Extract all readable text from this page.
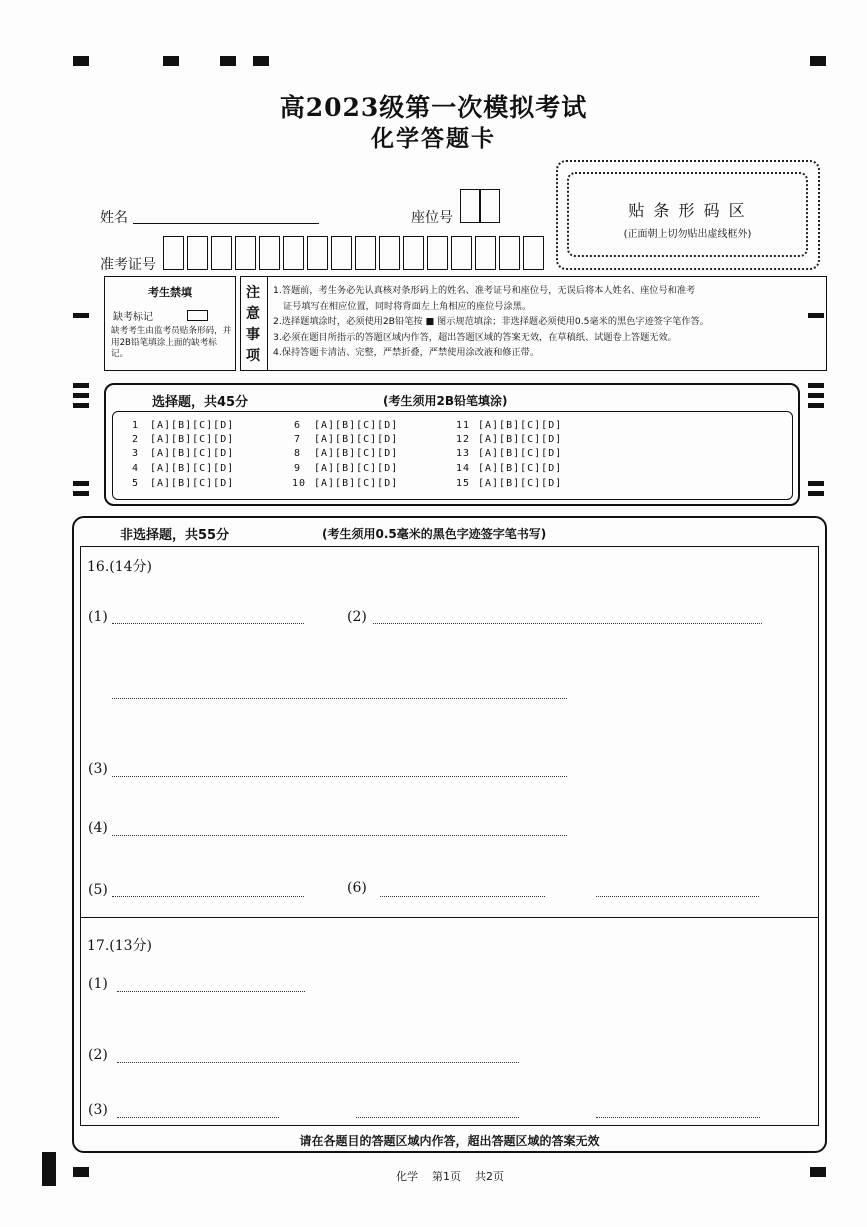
高2023级第一次模拟考试
化学答题卡
姓名	座位号
准考证号
贴 条 形 码 区
(正面朝上切勿贴出虚线框外)
考生禁填
缺考标记
缺考考生由监考员贴条形码，并用2B铅笔填涂上面的缺考标记。
注
意
事
项
1.答题前，考生务必先认真核对条形码上的姓名、准考证号和座位号，无误后将本人姓名、座位号和准考
证号填写在相应位置，同时将背面左上角相应的座位号涂黑。
2.选择题填涂时，必须使用2B铅笔按 ■ 图示规范填涂；非选择题必须使用0.5毫米的黑色字迹签字笔作答。
3.必须在题目所指示的答题区域内作答，超出答题区域的答案无效，在草稿纸、试题卷上答题无效。
4.保持答题卡清洁、完整，严禁折叠，严禁使用涂改液和修正带。
选择题，共45分	(考生须用2B铅笔填涂)
1 [A][B][C][D]
2 [A][B][C][D]
3 [A][B][C][D]
4 [A][B][C][D]
5 [A][B][C][D]
6 [A][B][C][D]
7 [A][B][C][D]
8 [A][B][C][D]
9 [A][B][C][D]
10 [A][B][C][D]
11 [A][B][C][D]
12 [A][B][C][D]
13 [A][B][C][D]
14 [A][B][C][D]
15 [A][B][C][D]
非选择题，共55分	(考生须用0.5毫米的黑色字迹签字笔书写)
16.(14分)
(1)	(2)
(3)
(4)
(5)	(6)
17.(13分)
(1)
(2)
(3)
请在各题目的答题区域内作答，超出答题区域的答案无效
化学    第1页    共2页
